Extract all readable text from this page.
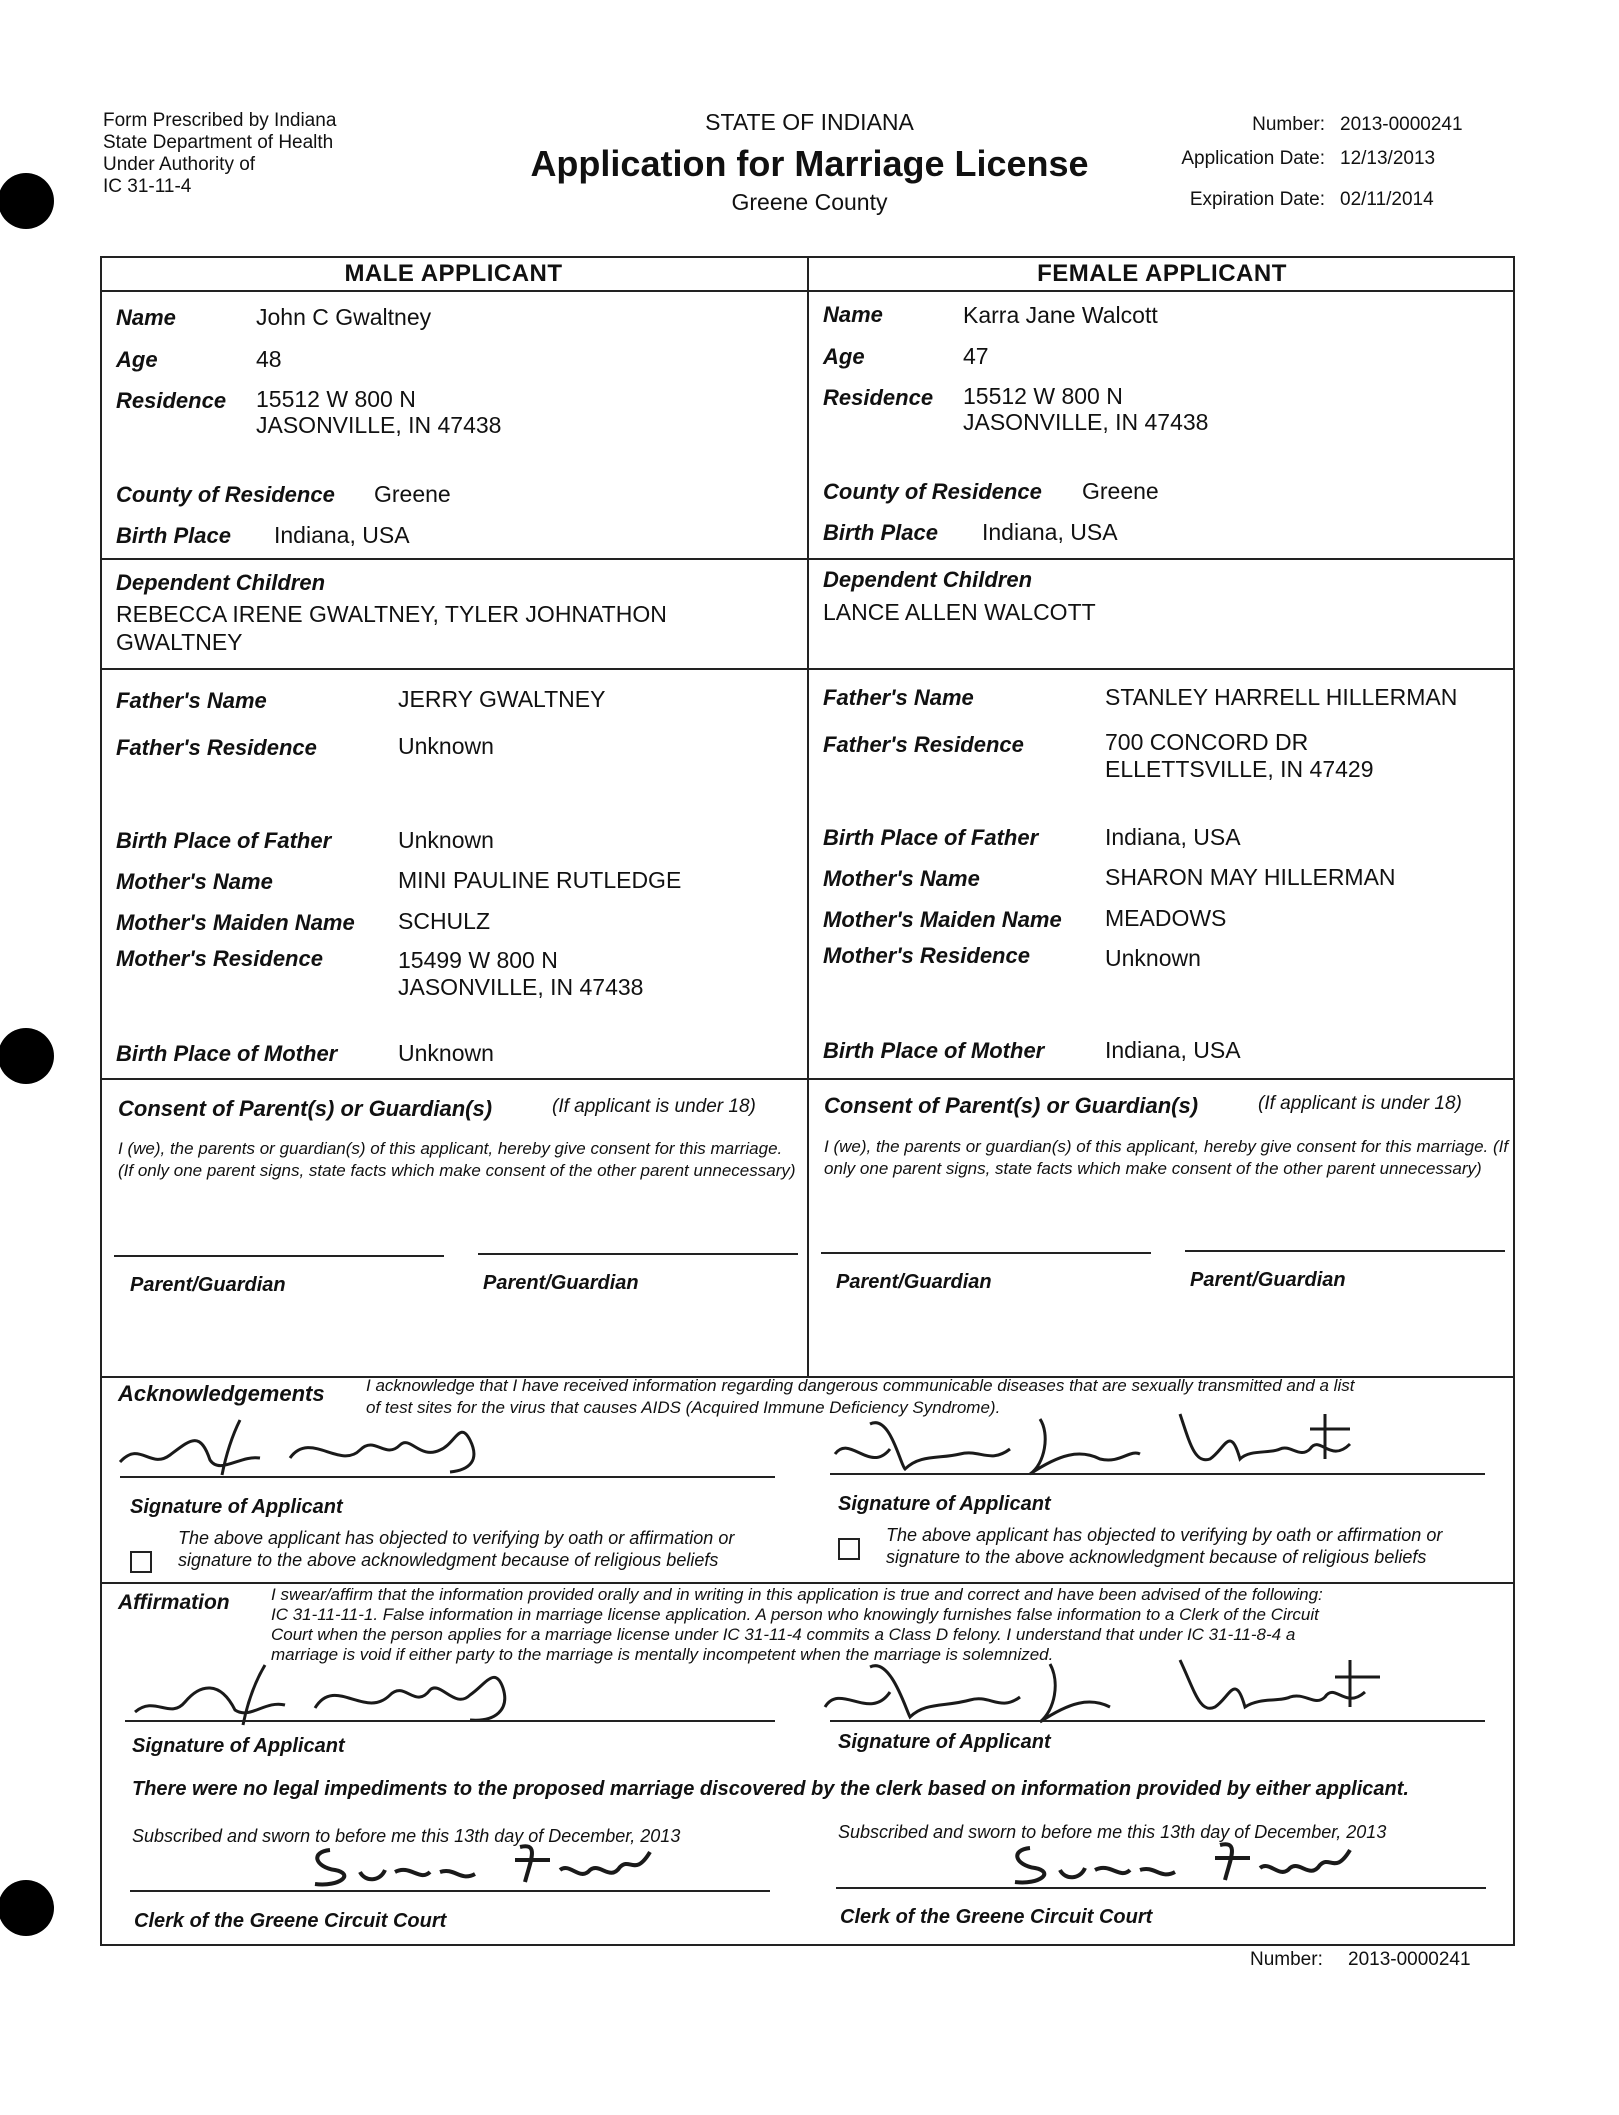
Form Prescribed by Indiana
State Department of Health
Under Authority of
IC 31-11-4
STATE OF INDIANA
Application for Marriage License
Greene County
Number: 2013-0000241
Application Date: 12/13/2013
Expiration Date: 02/11/2014
MALE APPLICANT	FEMALE APPLICANT
Name	John C Gwaltney
Age	48
Residence 15512 W 800 N
JASONVILLE, IN 47438
County of Residence Greene
Birth Place Indiana, USA
Dependent Children
REBECCA IRENE GWALTNEY, TYLER JOHNATHON
GWALTNEY
Father's Name	JERRY GWALTNEY
Father's Residence	Unknown
Birth Place of Father	Unknown
Mother's Name	MINI PAULINE RUTLEDGE
Mother's Maiden Name SCHULZ
Mother's Residence	15499 W 800 N
JASONVILLE, IN 47438
Birth Place of Mother	Unknown
Consent of Parent(s) or Guardian(s)	(If applicant is under 18)
I (we), the parents or guardian(s) of this applicant, hereby give consent for this marriage. (If only one parent signs, state facts which make consent of the other parent unnecessary)
Parent/Guardian	Parent/Guardian
Name	Karra Jane Walcott
Age	47
Residence 15512 W 800 N
JASONVILLE, IN 47438
County of Residence Greene
Birth Place Indiana, USA
Dependent Children
LANCE ALLEN WALCOTT
Father's Name	STANLEY HARRELL HILLERMAN
Father's Residence	700 CONCORD DR
ELLETTSVILLE, IN 47429
Birth Place of Father	Indiana, USA
Mother's Name	SHARON MAY HILLERMAN
Mother's Maiden Name MEADOWS
Mother's Residence	Unknown
Birth Place of Mother	Indiana, USA
Consent of Parent(s) or Guardian(s)	(If applicant is under 18)
I (we), the parents or guardian(s) of this applicant, hereby give consent for this marriage. (If only one parent signs, state facts which make consent of the other parent unnecessary)
Parent/Guardian	Parent/Guardian
Acknowledgements I acknowledge that I have received information regarding dangerous communicable diseases that are sexually transmitted and a list
of test sites for the virus that causes AIDS (Acquired Immune Deficiency Syndrome).
Signature of Applicant
The above applicant has objected to verifying by oath or affirmation or
signature to the above acknowledgment because of religious beliefs
Signature of Applicant
The above applicant has objected to verifying by oath or affirmation or
signature to the above acknowledgment because of religious beliefs
Affirmation I swear/affirm that the information provided orally and in writing in this application is true and correct and have been advised of the following:
IC 31-11-11-1. False information in marriage license application. A person who knowingly furnishes false information to a Clerk of the Circuit
Court when the person applies for a marriage license under IC 31-11-4 commits a Class D felony. I understand that under IC 31-11-8-4 a
marriage is void if either party to the marriage is mentally incompetent when the marriage is solemnized.
Signature of Applicant	Signature of Applicant
There were no legal impediments to the proposed marriage discovered by the clerk based on information provided by either applicant.
Subscribed and sworn to before me this 13th day of December, 2013	Subscribed and sworn to before me this 13th day of December, 2013
Clerk of the Greene Circuit Court	Clerk of the Greene Circuit Court
Number: 2013-0000241
